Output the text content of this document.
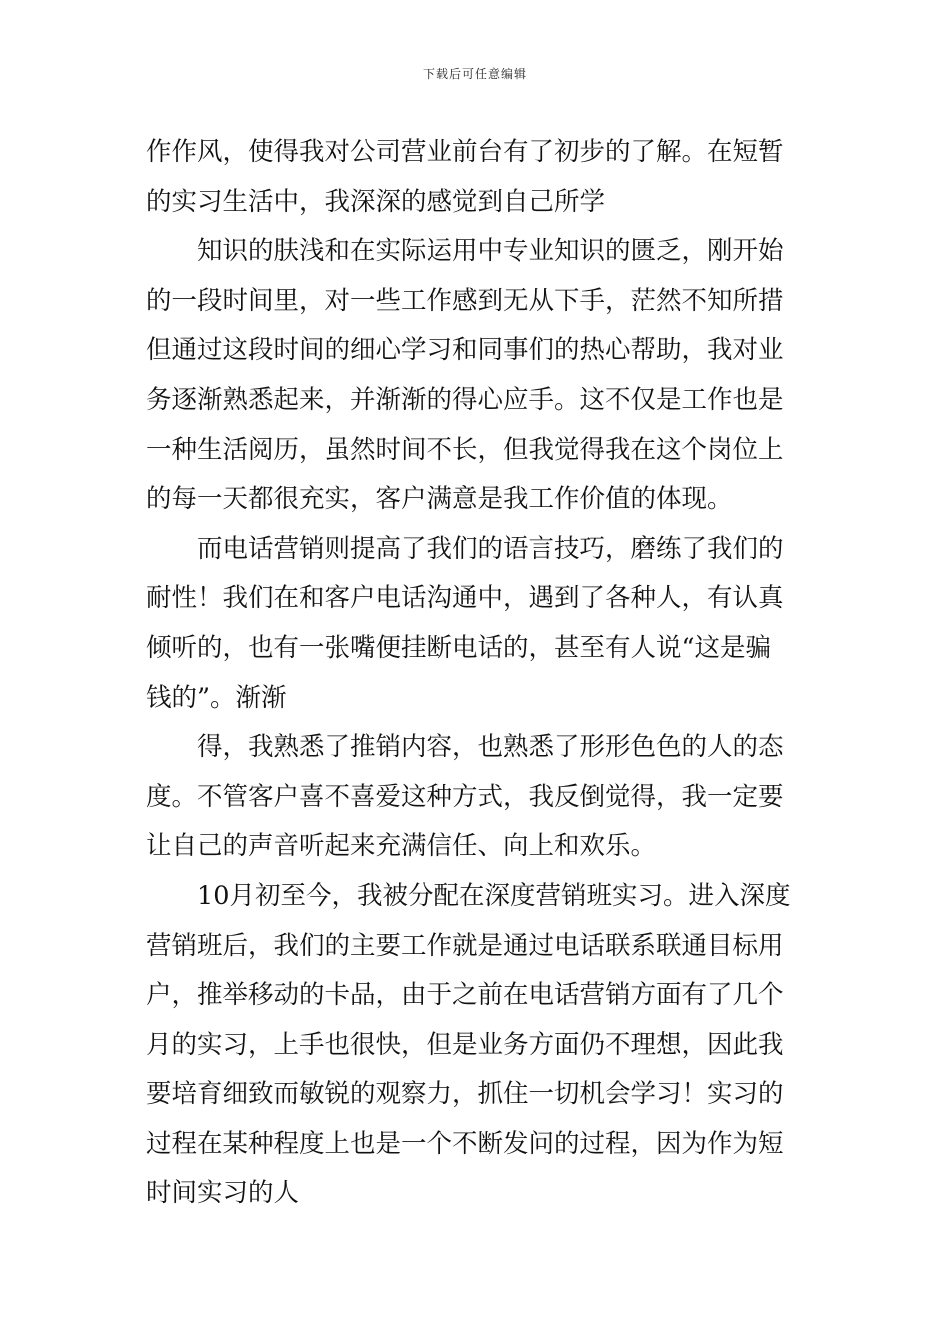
下载后可任意编辑
作作风，使得我对公司营业前台有了初步的了解。在短暂
的实习生活中，我深深的感觉到自己所学
知识的肤浅和在实际运用中专业知识的匮乏，刚开始
的一段时间里，对一些工作感到无从下手，茫然不知所措
但通过这段时间的细心学习和同事们的热心帮助，我对业
务逐渐熟悉起来，并渐渐的得心应手。这不仅是工作也是
一种生活阅历，虽然时间不长，但我觉得我在这个岗位上
的每一天都很充实，客户满意是我工作价值的体现。
而电话营销则提高了我们的语言技巧，磨练了我们的
耐性！我们在和客户电话沟通中，遇到了各种人，有认真
倾听的，也有一张嘴便挂断电话的，甚至有人说“这是骗
钱的”。渐渐
得，我熟悉了推销内容，也熟悉了形形色色的人的态
度。不管客户喜不喜爱这种方式，我反倒觉得，我一定要
让自己的声音听起来充满信任、向上和欢乐。
10月初至今，我被分配在深度营销班实习。进入深度
营销班后，我们的主要工作就是通过电话联系联通目标用
户，推举移动的卡品，由于之前在电话营销方面有了几个
月的实习，上手也很快，但是业务方面仍不理想，因此我
要培育细致而敏锐的观察力，抓住一切机会学习！实习的
过程在某种程度上也是一个不断发问的过程，因为作为短
时间实习的人
